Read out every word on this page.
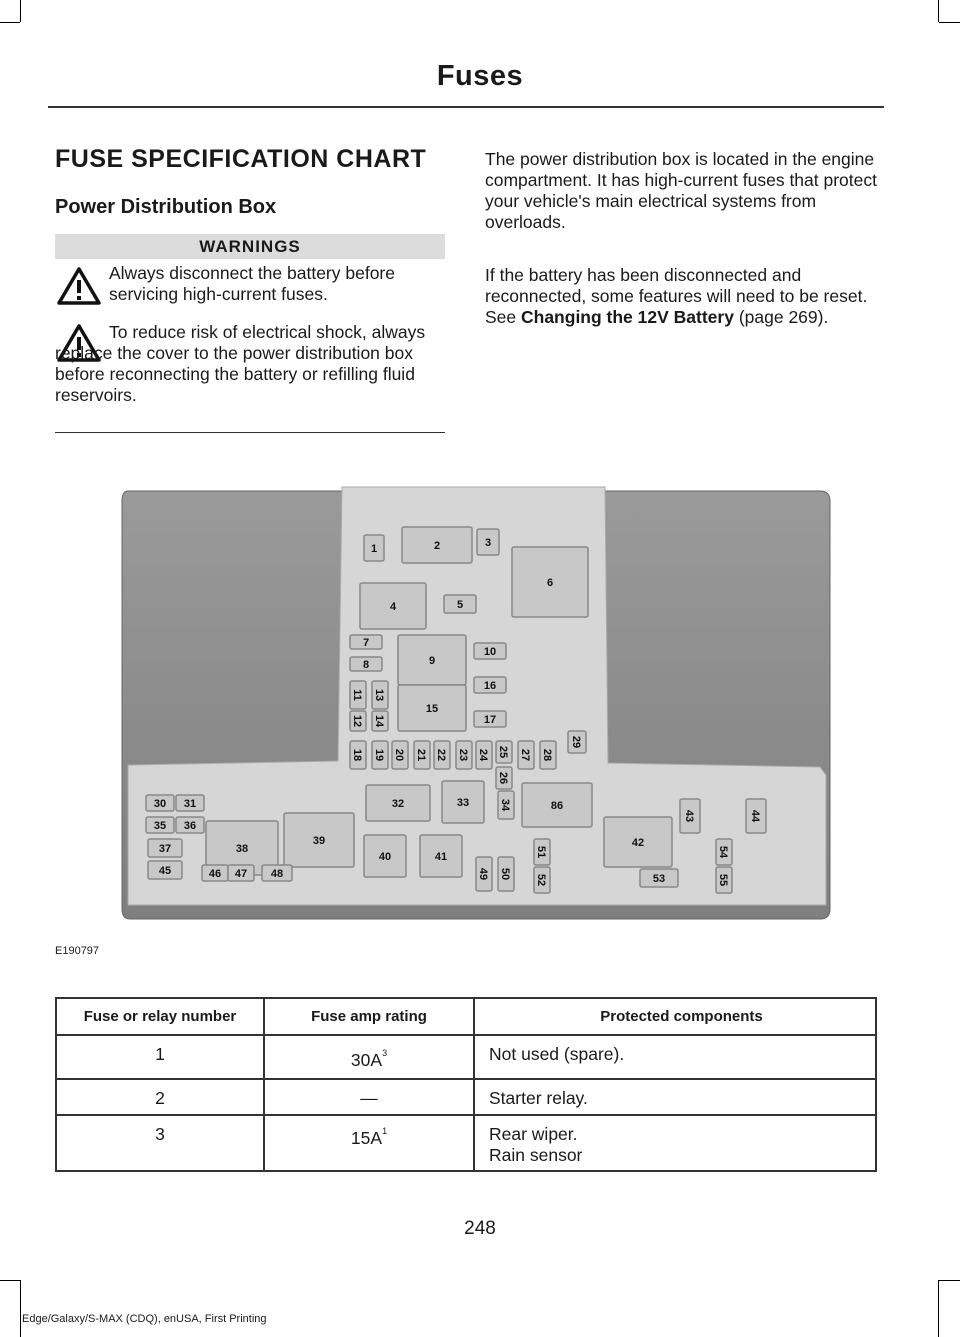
Fuses
FUSE SPECIFICATION CHART
Power Distribution Box
WARNINGS
Always disconnect the battery before servicing high-current fuses.
To reduce risk of electrical shock, always replace the cover to the power distribution box before reconnecting the battery or refilling fluid reservoirs.
The power distribution box is located in the engine compartment. It has high-current fuses that protect your vehicle's main electrical systems from overloads.
If the battery has been disconnected and reconnected, some features will need to be reset. See Changing the 12V Battery (page 269).
1	2	3
6
4	5
7
8	9
10
16
17
11
12
13
14
15
29
18 19 20 21 22 23 24 25
26
27 28
32	33	34	86
30 31
35 36
37
45
38
39
40	41
42
43	44
46 47 48	49 50
51
52	53
54
55
E190797
Fuse or relay number	Fuse amp rating	Protected components
1	$30A^3$	Not used (spare).

2	—	Starter relay.

3	$15A^1$	Rear wiper.
Rain sensor
248
Edge/Galaxy/S-MAX (CDQ), enUSA, First Printing
